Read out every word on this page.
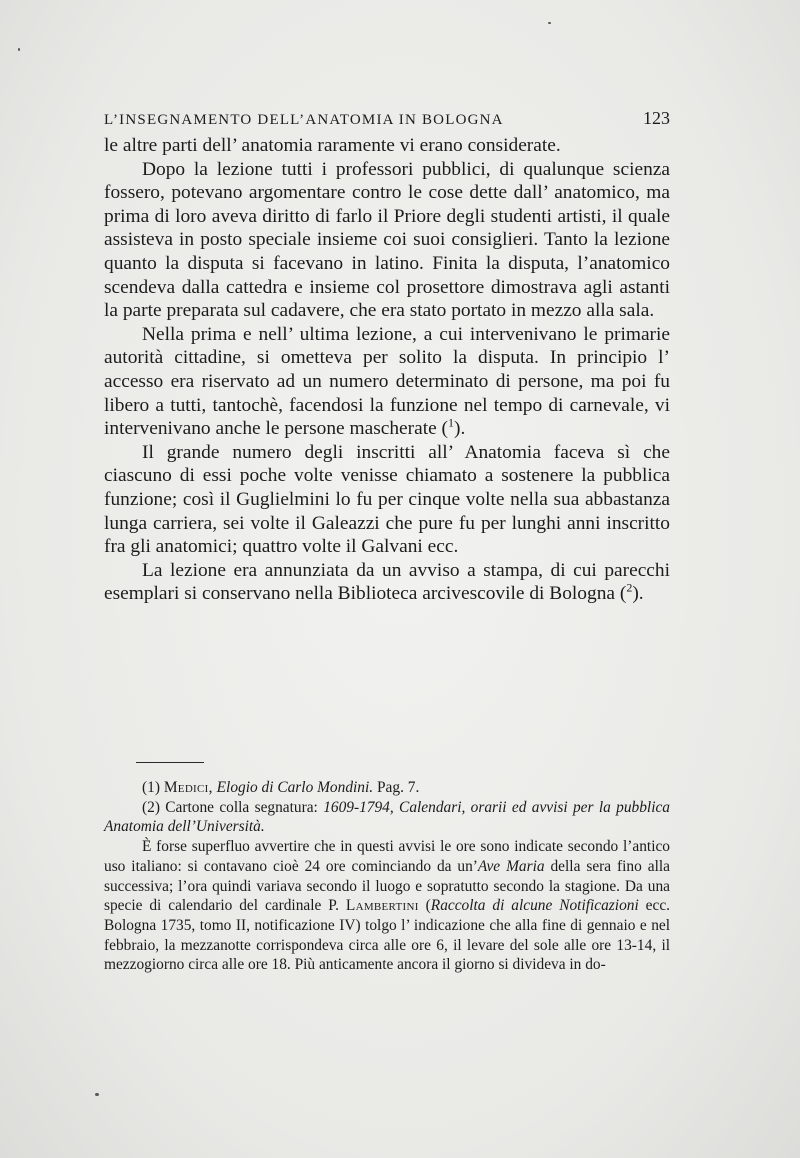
L’INSEGNAMENTO DELL’ANATOMIA IN BOLOGNA	123

le altre parti dell’ anatomia raramente vi erano considerate.

Dopo la lezione tutti i professori pubblici, di qualunque scienza fossero, potevano argomentare contro le cose dette dall’ anatomico, ma prima di loro aveva diritto di farlo il Priore degli studenti artisti, il quale assisteva in posto speciale insieme coi suoi consiglieri. Tanto la lezione quanto la disputa si facevano in latino. Finita la disputa, l’anatomico scendeva dalla cattedra e insieme col prosettore dimostrava agli astanti la parte preparata sul cadavere, che era stato portato in mezzo alla sala.

Nella prima e nell’ ultima lezione, a cui intervenivano le primarie autorità cittadine, si ometteva per solito la disputa. In principio l’ accesso era riservato ad un numero determinato di persone, ma poi fu libero a tutti, tantochè, facendosi la funzione nel tempo di carnevale, vi intervenivano anche le persone mascherate ($^1$).

Il grande numero degli inscritti all’ Anatomia faceva sì che ciascuno di essi poche volte venisse chiamato a sostenere la pubblica funzione; così il Guglielmini lo fu per cinque volte nella sua abbastanza lunga carriera, sei volte il Galeazzi che pure fu per lunghi anni inscritto fra gli anatomici; quattro volte il Galvani ecc.

La lezione era annunziata da un avviso a stampa, di cui parecchi esemplari si conservano nella Biblioteca arcivescovile di Bologna ($^2$).

(1) Medici, Elogio di Carlo Mondini. Pag. 7.

(2) Cartone colla segnatura: 1609-1794, Calendari, orarii ed avvisi per la pubblica Anatomia dell’Università.

È forse superfluo avvertire che in questi avvisi le ore sono indicate secondo l’antico uso italiano: si contavano cioè 24 ore cominciando da un’Ave Maria della sera fino alla successiva; l’ora quindi variava secondo il luogo e sopratutto secondo la stagione. Da una specie di calendario del cardinale P. Lambertini (Raccolta di alcune Notificazioni ecc. Bologna 1735, tomo II, notificazione IV) tolgo l’ indicazione che alla fine di gennaio e nel febbraio, la mezzanotte corrispondeva circa alle ore 6, il levare del sole alle ore 13-14, il mezzogiorno circa alle ore 18. Più anticamente ancora il giorno si divideva in do-
